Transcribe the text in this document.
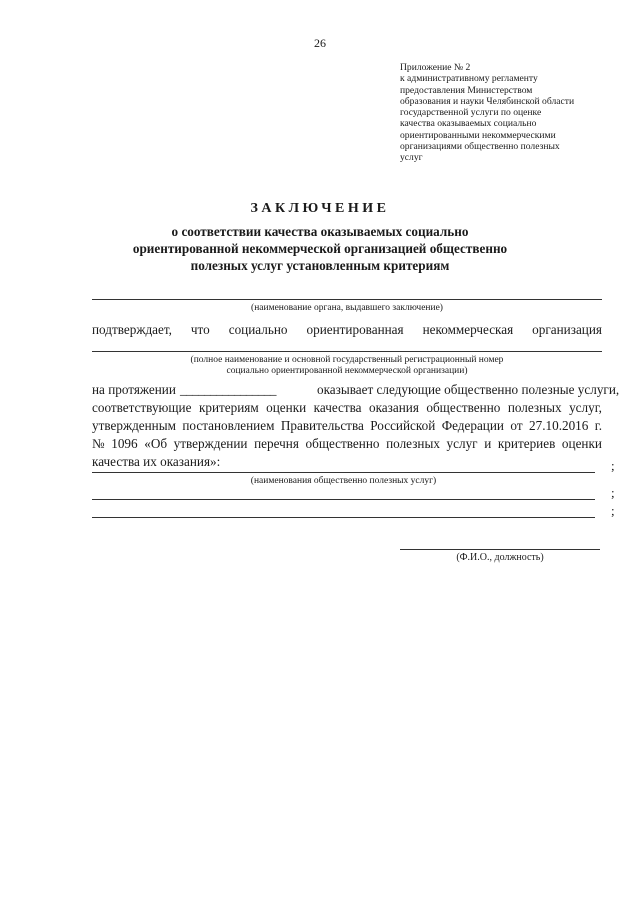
26
Приложение № 2
к административному регламенту
предоставления Министерством
образования и науки Челябинской области
государственной услуги по оценке
качества оказываемых социально
ориентированными некоммерческими
организациями общественно полезных
услуг
ЗАКЛЮЧЕНИЕ
о соответствии качества оказываемых социально
ориентированной некоммерческой организацией общественно
полезных услуг установленным критериям
(наименование органа, выдавшего заключение)
подтверждает, что социально ориентированная некоммерческая организация
(полное наименование и основной государственный регистрационный номер
социально ориентированной некоммерческой организации)
на протяжении ________________	оказывает следующие общественно полезные услуги,
соответствующие критериям оценки качества оказания общественно полезных услуг,
утвержденным постановлением Правительства Российской Федерации от 27.10.2016 г.
№ 1096 «Об утверждении перечня общественно полезных услуг и критериев оценки
качества их оказания»:	;
(наименования общественно полезных услуг)
;
;
(Ф.И.О., должность)
